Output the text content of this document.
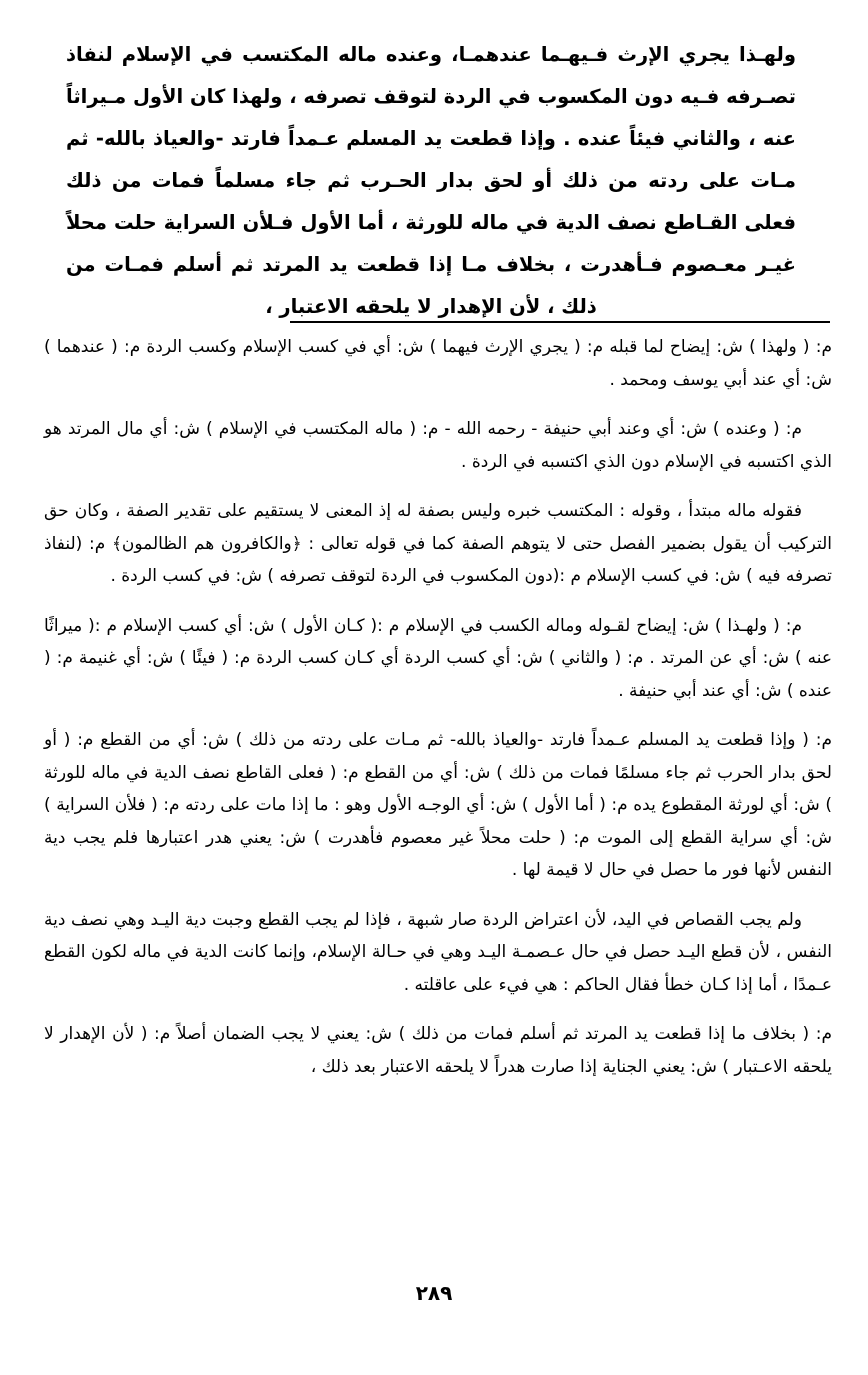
ولهـذا يجري الإرث فـيهـما عندهمـا، وعنده ماله المكتسب في الإسلام لنفاذ تصـرفه فـيه دون المكسوب في الردة لتوقف تصرفه ، ولهذا كان الأول مـيراثاً عنه ، والثاني فيئاً عنده . وإذا قطعت يد المسلم عـمداً فارتد -والعياذ بالله- ثم مـات على ردته من ذلك أو لحق بدار الحـرب ثم جاء مسلماً فمات من ذلك فعلى القـاطع نصف الدية في ماله للورثة ، أما الأول فـلأن السراية حلت محلاً غيـر معـصوم فـأهدرت ، بخلاف مـا إذا قطعت يد المرتد ثم أسلم فمـات من ذلك ، لأن الإهدار لا يلحقه الاعتبار ،

م: ( ولهذا ) ش: إيضاح لما قبله م: ( يجري الإرث فيهما ) ش: أي في كسب الإسلام وكسب الردة م: ( عندهما ) ش: أي عند أبي يوسف ومحمد .

م: ( وعنده ) ش: أي وعند أبي حنيفة - رحمه الله - م: ( ماله المكتسب في الإسلام ) ش: أي مال المرتد هو الذي اكتسبه في الإسلام دون الذي اكتسبه في الردة .

فقوله ماله مبتدأ ، وقوله : المكتسب خبره وليس بصفة له إذ المعنى لا يستقيم على تقدير الصفة ، وكان حق التركيب أن يقول بضمير الفصل حتى لا يتوهم الصفة كما في قوله تعالى : ﴿والكافرون هم الظالمون﴾ م: (لنفاذ تصرفه فيه ) ش: في كسب الإسلام م :(دون المكسوب في الردة لتوقف تصرفه ) ش: في كسب الردة .

م: ( ولهـذا ) ش: إيضاح لقـوله وماله الكسب في الإسلام م :( كـان الأول ) ش: أي كسب الإسلام م :( ميراثًا عنه ) ش: أي عن المرتد . م: ( والثاني ) ش: أي كسب الردة أي كـان كسب الردة م: ( فيئًا ) ش: أي غنيمة م: ( عنده ) ش: أي عند أبي حنيفة .

م: ( وإذا قطعت يد المسلم عـمداً فارتد -والعياذ بالله- ثم مـات على ردته من ذلك ) ش: أي من القطع م: ( أو لحق بدار الحرب ثم جاء مسلمًا فمات من ذلك ) ش: أي من القطع م: ( فعلى القاطع نصف الدية في ماله للورثة ) ش: أي لورثة المقطوع يده م: ( أما الأول ) ش: أي الوجـه الأول وهو : ما إذا مات على ردته م: ( فلأن السراية ) ش: أي سراية القطع إلى الموت م: ( حلت محلاً غير معصوم فأهدرت ) ش: يعني هدر اعتبارها فلم يجب دية النفس لأنها فور ما حصل في حال لا قيمة لها .

ولم يجب القصاص في اليد، لأن اعتراض الردة صار شبهة ، فإذا لم يجب القطع وجبت دية اليـد وهي نصف دية النفس ، لأن قطع اليـد حصل في حال عـصمـة اليـد وهي في حـالة الإسلام، وإنما كانت الدية في ماله لكون القطع عـمدًا ، أما إذا كـان خطأ فقال الحاكم : هي فيء على عاقلته .

م: ( بخلاف ما إذا قطعت يد المرتد ثم أسلم فمات من ذلك ) ش: يعني لا يجب الضمان أصلاً م: ( لأن الإهدار لا يلحقه الاعـتبار ) ش: يعني الجناية إذا صارت هدراً لا يلحقه الاعتبار بعد ذلك ،

٢٨٩
